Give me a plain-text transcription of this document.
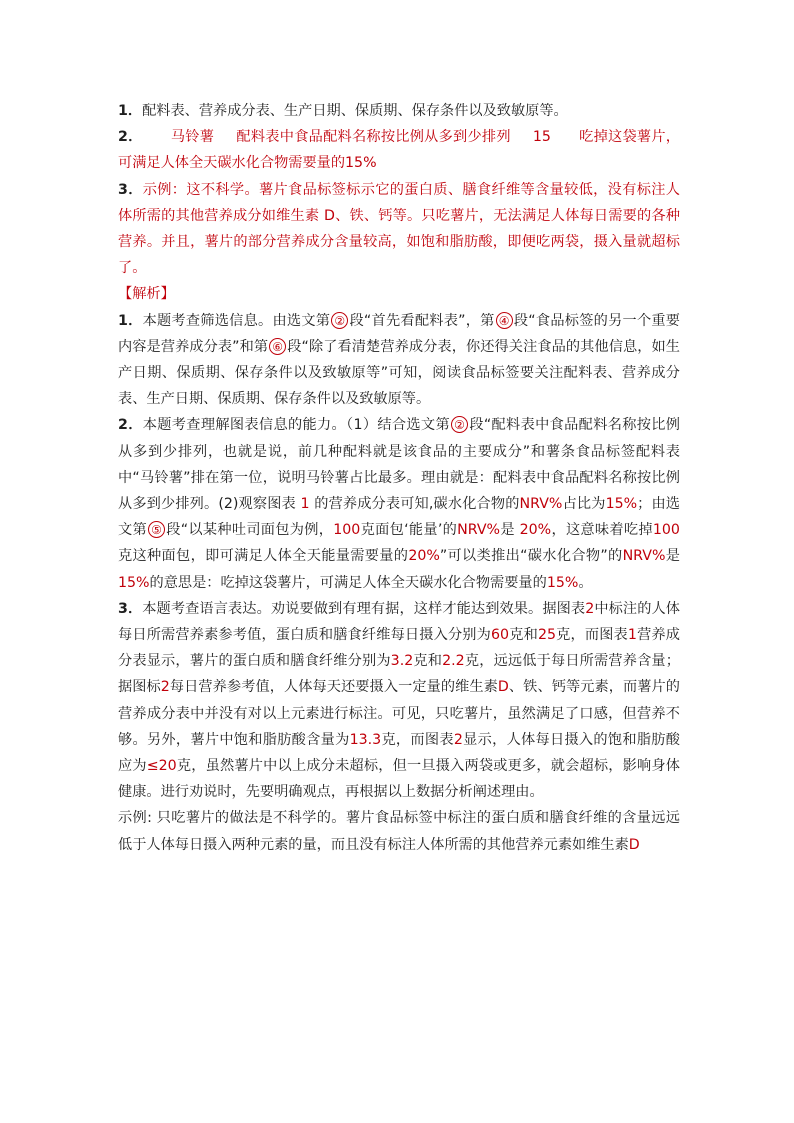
1．配料表、营养成分表、生产日期、保质期、保存条件以及致敏原等。

2． 马铃薯 配料表中食品配料名称按比例从多到少排列 15 吃掉这袋薯片，可满足人体全天碳水化合物需要量的15%

3．示例：这不科学。薯片食品标签标示它的蛋白质、膳食纤维等含量较低，没有标注人体所需的其他营养成分如维生素 D、铁、钙等。只吃薯片，无法满足人体每日需要的各种营养。并且，薯片的部分营养成分含量较高，如饱和脂肪酸，即便吃两袋，摄入量就超标了。

【解析】

1．本题考查筛选信息。由选文第 ② 段“首先看配料表”，第 ④ 段“食品标签的另一个重要内容是营养成分表”和第 ⑥ 段“除了看清楚营养成分表，你还得关注食品的其他信息，如生产日期、保质期、保存条件以及致敏原等”可知，阅读食品标签要关注配料表、营养成分表、生产日期、保质期、保存条件以及致敏原等。

2．本题考查理解图表信息的能力。（1）结合选文第 ② 段“配料表中食品配料名称按比例从多到少排列，也就是说，前几种配料就是该食品的主要成分”和薯条食品标签配料表中“马铃薯”排在第一位，说明马铃薯占比最多。理由就是：配料表中食品配料名称按比例从多到少排列。(2)观察图表 1 的营养成分表可知,碳水化合物的NRV%占比为15%；由选文第 ⑤ 段“以某种吐司面包为例，100克面包‘能量’的NRV%是 20%，这意味着吃掉100克这种面包，即可满足人体全天能量需要量的20%”可以类推出“碳水化合物”的NRV%是 15%的意思是：吃掉这袋薯片，可满足人体全天碳水化合物需要量的15%。

3．本题考查语言表达。劝说要做到有理有据，这样才能达到效果。据图表2中标注的人体每日所需营养素参考值，蛋白质和膳食纤维每日摄入分别为60克和25克，而图表1营养成分表显示，薯片的蛋白质和膳食纤维分别为3.2克和2.2克，远远低于每日所需营养含量；据图标2每日营养参考值，人体每天还要摄入一定量的维生素D、铁、钙等元素，而薯片的营养成分表中并没有对以上元素进行标注。可见，只吃薯片，虽然满足了口感，但营养不够。另外，薯片中饱和脂肪酸含量为13.3克，而图表2显示，人体每日摄入的饱和脂肪酸应为≤20克，虽然薯片中以上成分未超标，但一旦摄入两袋或更多，就会超标，影响身体健康。进行劝说时，先要明确观点，再根据以上数据分析阐述理由。

示例: 只吃薯片的做法是不科学的。薯片食品标签中标注的蛋白质和膳食纤维的含量远远低于人体每日摄入两种元素的量，而且没有标注人体所需的其他营养元素如维生素D
